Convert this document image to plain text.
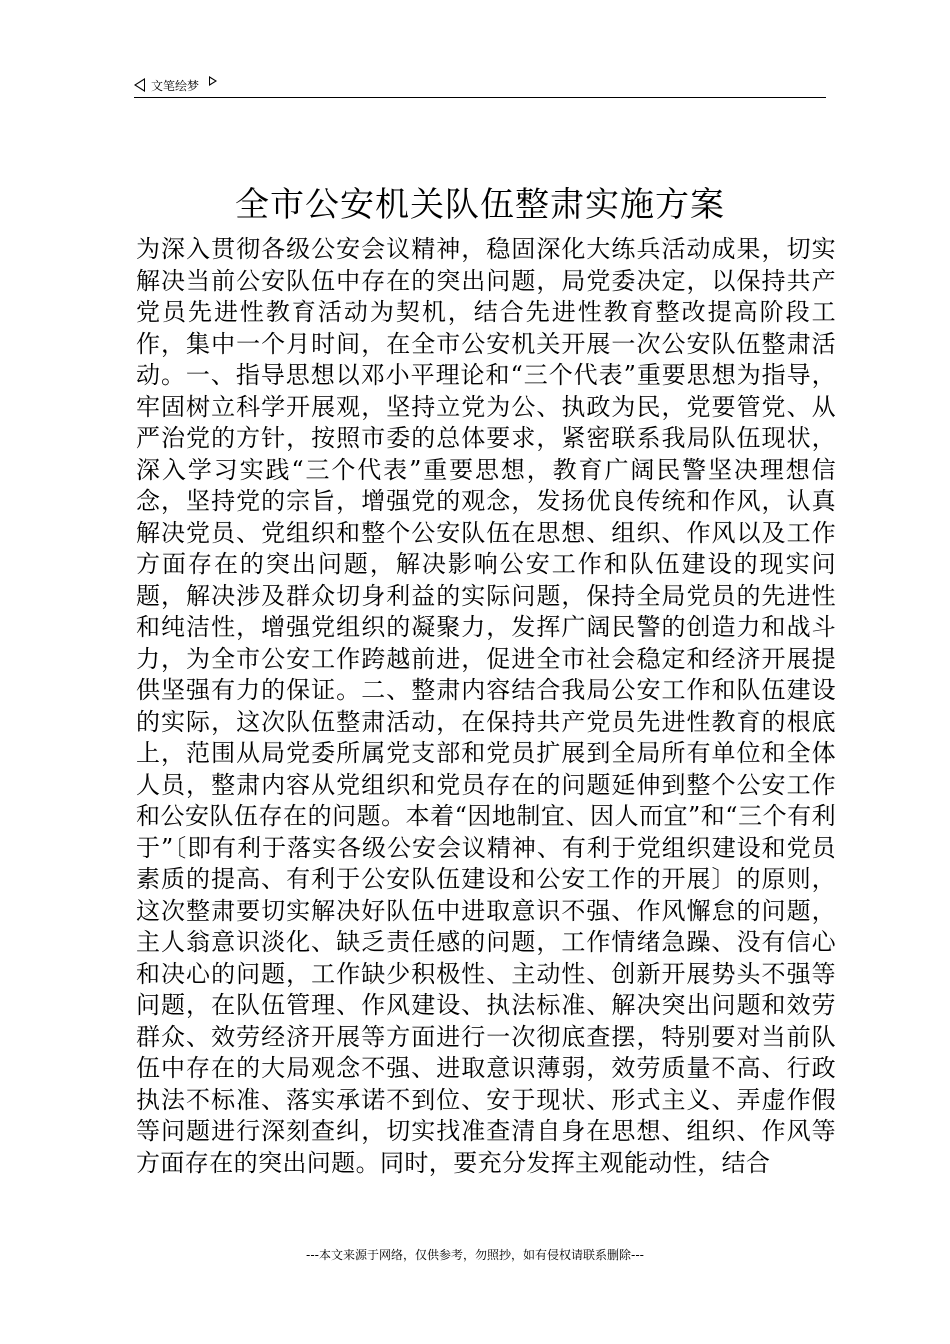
文笔绘梦
全市公安机关队伍整肃实施方案

为深入贯彻各级公安会议精神，稳固深化大练兵活动成果，切实解决当前公安队伍中存在的突出问题，局党委决定，以保持共产党员先进性教育活动为契机，结合先进性教育整改提高阶段工作，集中一个月时间，在全市公安机关开展一次公安队伍整肃活动。一、指导思想以邓小平理论和“三个代表”重要思想为指导，牢固树立科学开展观，坚持立党为公、执政为民，党要管党、从严治党的方针，按照市委的总体要求，紧密联系我局队伍现状，深入学习实践“三个代表”重要思想，教育广阔民警坚决理想信念，坚持党的宗旨，增强党的观念，发扬优良传统和作风，认真解决党员、党组织和整个公安队伍在思想、组织、作风以及工作方面存在的突出问题，解决影响公安工作和队伍建设的现实问题，解决涉及群众切身利益的实际问题，保持全局党员的先进性和纯洁性，增强党组织的凝聚力，发挥广阔民警的创造力和战斗力，为全市公安工作跨越前进，促进全市社会稳定和经济开展提供坚强有力的保证。二、整肃内容结合我局公安工作和队伍建设的实际，这次队伍整肃活动，在保持共产党员先进性教育的根底上，范围从局党委所属党支部和党员扩展到全局所有单位和全体人员，整肃内容从党组织和党员存在的问题延伸到整个公安工作和公安队伍存在的问题。本着“因地制宜、因人而宜”和“三个有利于”〔即有利于落实各级公安会议精神、有利于党组织建设和党员素质的提高、有利于公安队伍建设和公安工作的开展〕的原则，这次整肃要切实解决好队伍中进取意识不强、作风懈怠的问题，主人翁意识淡化、缺乏责任感的问题，工作情绪急躁、没有信心和决心的问题，工作缺少积极性、主动性、创新开展势头不强等问题，在队伍管理、作风建设、执法标准、解决突出问题和效劳群众、效劳经济开展等方面进行一次彻底查摆，特别要对当前队伍中存在的大局观念不强、进取意识薄弱，效劳质量不高、行政执法不标准、落实承诺不到位、安于现状、形式主义、弄虚作假等问题进行深刻查纠，切实找准查清自身在思想、组织、作风等方面存在的突出问题。同时，要充分发挥主观能动性，结合

---本文来源于网络，仅供参考，勿照抄，如有侵权请联系删除---
